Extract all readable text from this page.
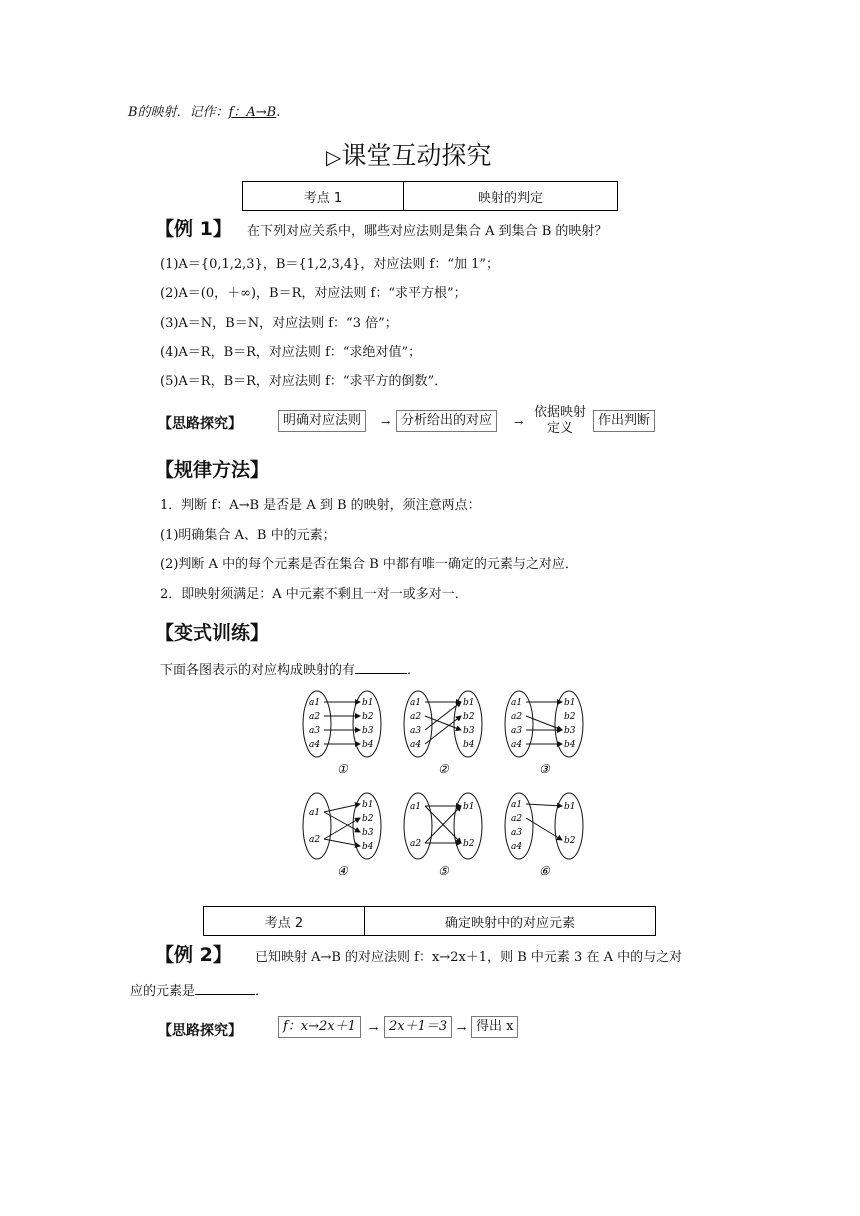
B的映射．记作：f：A→B.
▷课堂互动探究
考点 1	映射的判定
【例 1】 在下列对应关系中，哪些对应法则是集合 A 到集合 B 的映射？
(1)A＝{0,1,2,3}，B＝{1,2,3,4}，对应法则 f：“加 1”；
(2)A＝(0，＋∞)，B＝R，对应法则 f：“求平方根”；
(3)A＝N，B＝N，对应法则 f：“3 倍”；
(4)A＝R，B＝R，对应法则 f：“求绝对值”；
(5)A＝R，B＝R，对应法则 f：“求平方的倒数”．
【思路探究】	明确对应法则	→ 分析给出的对应	→
依据映射
定义
作出判断
【规律方法】
1．判断 f：A→B 是否是 A 到 B 的映射，须注意两点：
(1)明确集合 A、B 中的元素；
(2)判断 A 中的每个元素是否在集合 B 中都有唯一确定的元素与之对应．
2．即映射须满足：A 中元素不剩且一对一或多对一．
【变式训练】
下面各图表示的对应构成映射的有	．
a1
a2
a3
a4
b1
b2
b3
b4
①
a1
a2
a3
a4
b1
b2
b3
b4
②
a1
a2
a3
a4
b1
b2
b3
b4
③
a1
a2
b1
b2
b3
b4
④
a1
a2
b1
b2
⑤
a1
a2
a3
a4
b1
b2
⑥
考点 2	确定映射中的对应元素
【例 2】 已知映射 A→B 的对应法则 f：x→2x＋1，则 B 中元素 3 在 A 中的与之对
应的元素是	．
【思路探究】	f：x→2x＋1	→ 2x＋1＝3 → 得出 x
